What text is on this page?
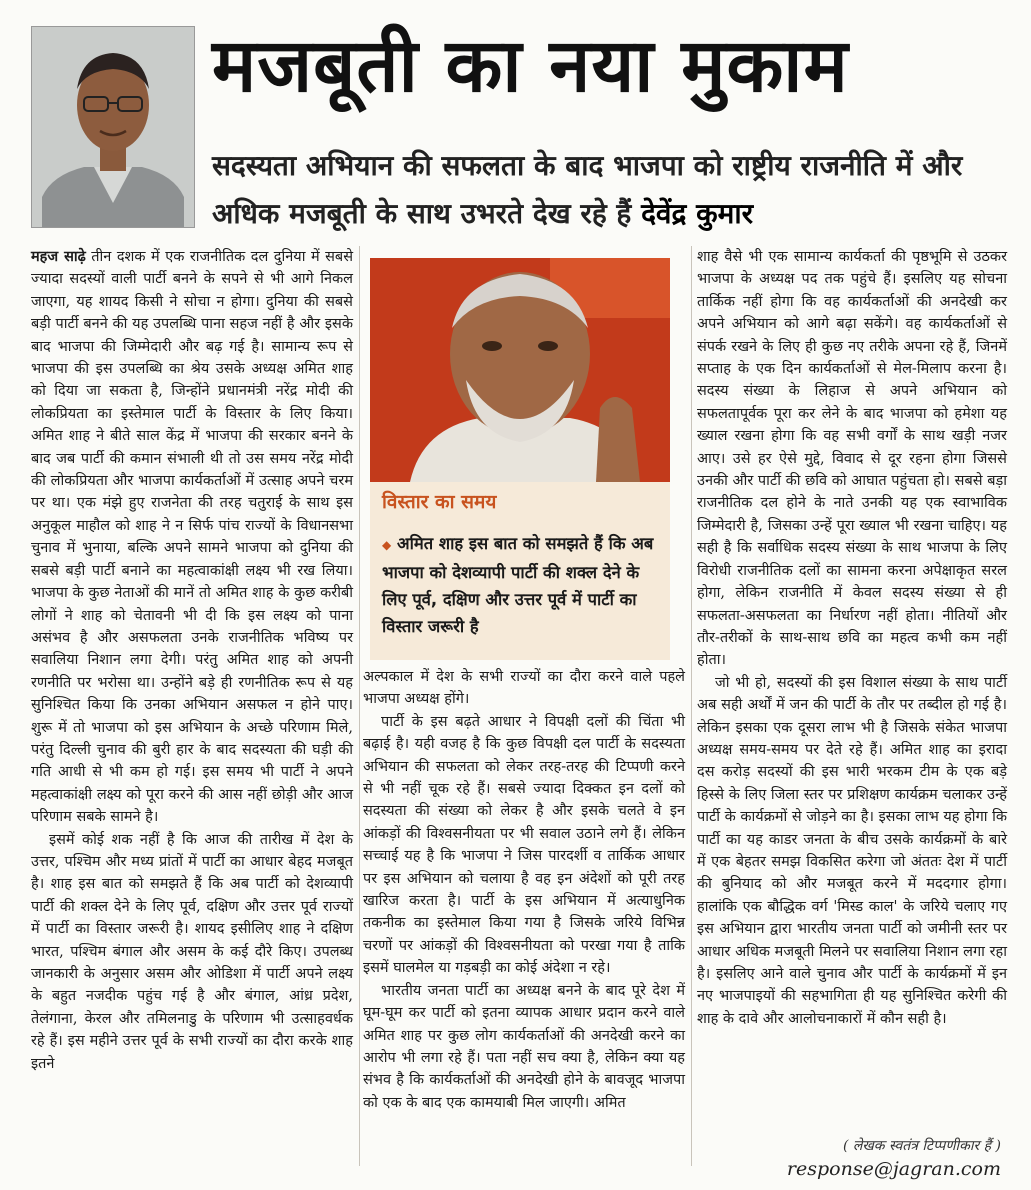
मजबूती का नया मुकाम
सदस्यता अभियान की सफलता के बाद भाजपा को राष्ट्रीय राजनीति में और अधिक मजबूती के साथ उभरते देख रहे हैं देवेंद्र कुमार

महज साढ़े तीन दशक में एक राजनीतिक दल दुनिया में सबसे ज्यादा सदस्यों वाली पार्टी बनने के सपने से भी आगे निकल जाएगा, यह शायद किसी ने सोचा न होगा। दुनिया की सबसे बड़ी पार्टी बनने की यह उपलब्धि पाना सहज नहीं है और इसके बाद भाजपा की जिम्मेदारी और बढ़ गई है। सामान्य रूप से भाजपा की इस उपलब्धि का श्रेय उसके अध्यक्ष अमित शाह को दिया जा सकता है, जिन्होंने प्रधानमंत्री नरेंद्र मोदी की लोकप्रियता का इस्तेमाल पार्टी के विस्तार के लिए किया। अमित शाह ने बीते साल केंद्र में भाजपा की सरकार बनने के बाद जब पार्टी की कमान संभाली थी तो उस समय नरेंद्र मोदी की लोकप्रियता और भाजपा कार्यकर्ताओं में उत्साह अपने चरम पर था। एक मंझे हुए राजनेता की तरह चतुराई के साथ इस अनुकूल माहौल को शाह ने न सिर्फ पांच राज्यों के विधानसभा चुनाव में भुनाया, बल्कि अपने सामने भाजपा को दुनिया की सबसे बड़ी पार्टी बनाने का महत्वाकांक्षी लक्ष्य भी रख लिया। भाजपा के कुछ नेताओं की मानें तो अमित शाह के कुछ करीबी लोगों ने शाह को चेतावनी भी दी कि इस लक्ष्य को पाना असंभव है और असफलता उनके राजनीतिक भविष्य पर सवालिया निशान लगा देगी। परंतु अमित शाह को अपनी रणनीति पर भरोसा था। उन्होंने बड़े ही रणनीतिक रूप से यह सुनिश्चित किया कि उनका अभियान असफल न होने पाए। शुरू में तो भाजपा को इस अभियान के अच्छे परिणाम मिले, परंतु दिल्ली चुनाव की बुरी हार के बाद सदस्यता की घड़ी की गति आधी से भी कम हो गई। इस समय भी पार्टी ने अपने महत्वाकांक्षी लक्ष्य को पूरा करने की आस नहीं छोड़ी और आज परिणाम सबके सामने है।

इसमें कोई शक नहीं है कि आज की तारीख में देश के उत्तर, पश्चिम और मध्य प्रांतों में पार्टी का आधार बेहद मजबूत है। शाह इस बात को समझते हैं कि अब पार्टी को देशव्यापी पार्टी की शक्ल देने के लिए पूर्व, दक्षिण और उत्तर पूर्व राज्यों में पार्टी का विस्तार जरूरी है। शायद इसीलिए शाह ने दक्षिण भारत, पश्चिम बंगाल और असम के कई दौरे किए। उपलब्ध जानकारी के अनुसार असम और ओडिशा में पार्टी अपने लक्ष्य के बहुत नजदीक पहुंच गई है और बंगाल, आंध्र प्रदेश, तेलंगाना, केरल और तमिलनाडु के परिणाम भी उत्साहवर्धक रहे हैं। इस महीने उत्तर पूर्व के सभी राज्यों का दौरा करके शाह इतने

विस्तार का समय
◆ अमित शाह इस बात को समझते हैं कि अब भाजपा को देशव्यापी पार्टी की शक्ल देने के लिए पूर्व, दक्षिण और उत्तर पूर्व में पार्टी का विस्तार जरूरी है

अल्पकाल में देश के सभी राज्यों का दौरा करने वाले पहले भाजपा अध्यक्ष होंगे।

पार्टी के इस बढ़ते आधार ने विपक्षी दलों की चिंता भी बढ़ाई है। यही वजह है कि कुछ विपक्षी दल पार्टी के सदस्यता अभियान की सफलता को लेकर तरह-तरह की टिप्पणी करने से भी नहीं चूक रहे हैं। सबसे ज्यादा दिक्कत इन दलों को सदस्यता की संख्या को लेकर है और इसके चलते वे इन आंकड़ों की विश्वसनीयता पर भी सवाल उठाने लगे हैं। लेकिन सच्चाई यह है कि भाजपा ने जिस पारदर्शी व तार्किक आधार पर इस अभियान को चलाया है वह इन अंदेशों को पूरी तरह खारिज करता है। पार्टी के इस अभियान में अत्याधुनिक तकनीक का इस्तेमाल किया गया है जिसके जरिये विभिन्न चरणों पर आंकड़ों की विश्वसनीयता को परखा गया है ताकि इसमें घालमेल या गड़बड़ी का कोई अंदेशा न रहे।

भारतीय जनता पार्टी का अध्यक्ष बनने के बाद पूरे देश में घूम-घूम कर पार्टी को इतना व्यापक आधार प्रदान करने वाले अमित शाह पर कुछ लोग कार्यकर्ताओं की अनदेखी करने का आरोप भी लगा रहे हैं। पता नहीं सच क्या है, लेकिन क्या यह संभव है कि कार्यकर्ताओं की अनदेखी होने के बावजूद भाजपा को एक के बाद एक कामयाबी मिल जाएगी। अमित

शाह वैसे भी एक सामान्य कार्यकर्ता की पृष्ठभूमि से उठकर भाजपा के अध्यक्ष पद तक पहुंचे हैं। इसलिए यह सोचना तार्किक नहीं होगा कि वह कार्यकर्ताओं की अनदेखी कर अपने अभियान को आगे बढ़ा सकेंगे। वह कार्यकर्ताओं से संपर्क रखने के लिए ही कुछ नए तरीके अपना रहे हैं, जिनमें सप्ताह के एक दिन कार्यकर्ताओं से मेल-मिलाप करना है। सदस्य संख्या के लिहाज से अपने अभियान को सफलतापूर्वक पूरा कर लेने के बाद भाजपा को हमेशा यह ख्याल रखना होगा कि वह सभी वर्गों के साथ खड़ी नजर आए। उसे हर ऐसे मुद्दे, विवाद से दूर रहना होगा जिससे उनकी और पार्टी की छवि को आघात पहुंचता हो। सबसे बड़ा राजनीतिक दल होने के नाते उनकी यह एक स्वाभाविक जिम्मेदारी है, जिसका उन्हें पूरा ख्याल भी रखना चाहिए। यह सही है कि सर्वाधिक सदस्य संख्या के साथ भाजपा के लिए विरोधी राजनीतिक दलों का सामना करना अपेक्षाकृत सरल होगा, लेकिन राजनीति में केवल सदस्य संख्या से ही सफलता-असफलता का निर्धारण नहीं होता। नीतियों और तौर-तरीकों के साथ-साथ छवि का महत्व कभी कम नहीं होता।

जो भी हो, सदस्यों की इस विशाल संख्या के साथ पार्टी अब सही अर्थों में जन की पार्टी के तौर पर तब्दील हो गई है। लेकिन इसका एक दूसरा लाभ भी है जिसके संकेत भाजपा अध्यक्ष समय-समय पर देते रहे हैं। अमित शाह का इरादा दस करोड़ सदस्यों की इस भारी भरकम टीम के एक बड़े हिस्से के लिए जिला स्तर पर प्रशिक्षण कार्यक्रम चलाकर उन्हें पार्टी के कार्यक्रमों से जोड़ने का है। इसका लाभ यह होगा कि पार्टी का यह काडर जनता के बीच उसके कार्यक्रमों के बारे में एक बेहतर समझ विकसित करेगा जो अंततः देश में पार्टी की बुनियाद को और मजबूत करने में मददगार होगा। हालांकि एक बौद्धिक वर्ग 'मिस्ड काल' के जरिये चलाए गए इस अभियान द्वारा भारतीय जनता पार्टी को जमीनी स्तर पर आधार अधिक मजबूती मिलने पर सवालिया निशान लगा रहा है। इसलिए आने वाले चुनाव और पार्टी के कार्यक्रमों में इन नए भाजपाइयों की सहभागिता ही यह सुनिश्चित करेगी की शाह के दावे और आलोचनाकारों में कौन सही है।

( लेखक स्वतंत्र टिप्पणीकार हैं )
response@jagran.com
